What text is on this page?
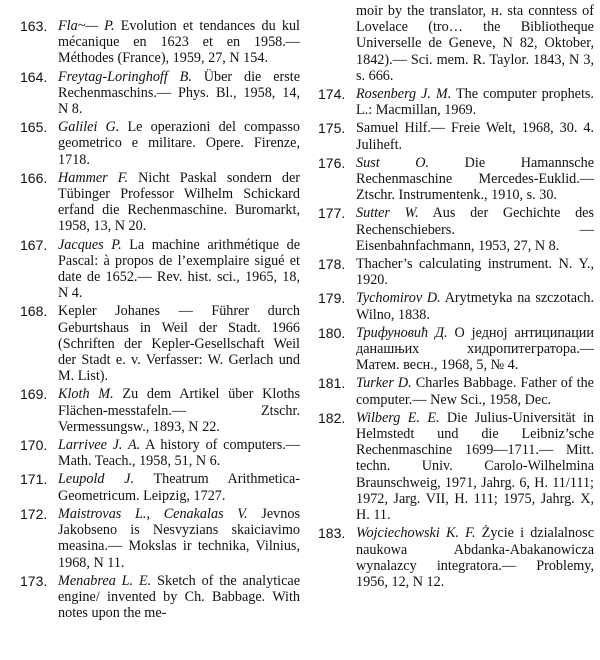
163. Fla~— P. Evolution et tendances du kul mécanique en 1623 et en 1958.— Méthodes (France), 1959, 27, N 154.
164. Freytag-Loringhoff B. Über die erste Rechenmaschins.— Phys. Bl., 1958, 14, N 8.
165. Galilei G. Le operazioni del compasso geometrico e militare. Opere. Firenze, 1718.
166. Hammer F. Nicht Paskal sondern der Tübinger Professor Wilhelm Schickard erfand die Rechenmaschine. Buromarkt, 1958, 13, N 20.
167. Jacques P. La machine arithmétique de Pascal: à propos de l’exemplaire sigué et date de 1652.— Rev. hist. sci., 1965, 18, N 4.
168. Kepler Johanes — Führer durch Geburtshaus in Weil der Stadt. 1966 (Schriften der Kepler-Gesellschaft Weil der Stadt e. v. Verfasser: W. Gerlach und M. List).
169. Kloth M. Zu dem Artikel über Kloths Flächen-messtafeln.— Ztschr. Vermessungsw., 1893, N 22.
170. Larrivee J. A. A history of computers.— Math. Teach., 1958, 51, N 6.
171. Leupold J. Theatrum Arithmetica-Geometricum. Leipzig, 1727.
172. Maistrovas L., Cenakalas V. Jevnos Jakobseno is Nesvyzians skaiciavimo measina.— Mokslas ir technika, Vilnius, 1968, N 11.
173. Menabrea L. E. Sketch of the analyticae engine/ invented by Ch. Babbage. With notes upon the me-
moir by the translator, н. sta conntess of Lovelace (tro… the Bibliotheque Universelle de Geneve, N 82, Oktober, 1842).— Sci. mem. R. Taylor. 1843, N 3, s. 666.
174. Rosenberg J. M. The computer prophets. L.: Macmillan, 1969.
175. Samuel Hilf.— Freie Welt, 1968, 30. 4. Juliheft.
176. Sust O. Die Hamannsche Rechenmaschine Mercedes-Euklid.— Ztschr. Instrumentenk., 1910, s. 30.
177. Sutter W. Aus der Gechichte des Rechenschiebers. — Eisenbahnfachmann, 1953, 27, N 8.
178. Thacher’s calculating instrument. N. Y., 1920.
179. Tychomirov D. Arytmetyka na szczotach. Wilno, 1838.
180. Трифуновић Д. О једној антиципации данашњих хидропитегратора.— Матем. весн., 1968, 5, № 4.
181. Turker D. Charles Babbage. Father of the computer.— New Sci., 1958, Dec.
182. Wilberg E. E. Die Julius-Universität in Helmstedt und die Leibniz’sche Rechenmaschine 1699—1711.— Mitt. techn. Univ. Carolo-Wilhelmina Braunschweig, 1971, Jahrg. 6, H. 11/111; 1972, Jarg. VII, H. 111; 1975, Jahrg. X, H. 11.
183. Wojciechowski K. F. Życie i dzialalnosc naukowa Abdanka-Abakanowicza wynalazcy integratora.— Problemy, 1956, 12, N 12.
